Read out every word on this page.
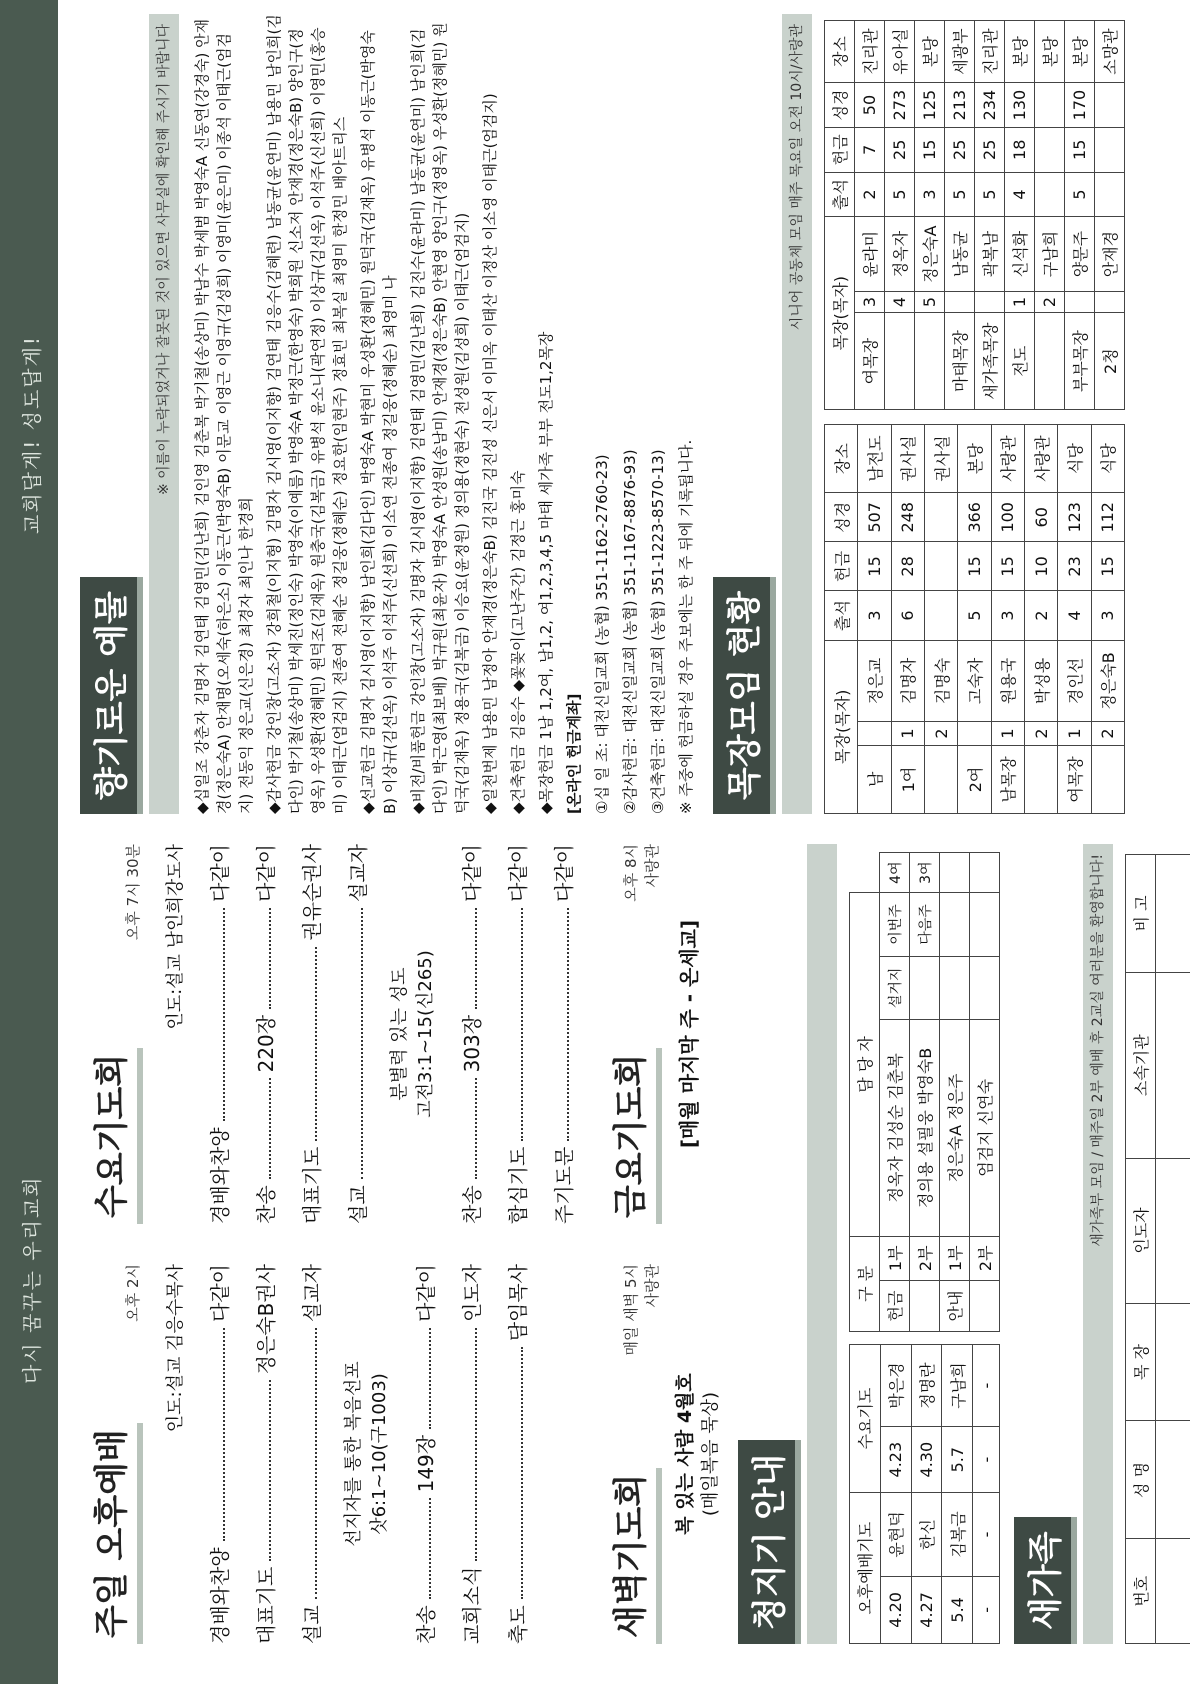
다시 꿈꾸는 우리교회
교회답게! 성도답게!
주일 오후예배
오후 2시 인도:설교 김응수목사
경배와찬양
다같이
대표기도
정은숙B권사
설교
설교자
선지자를 통한 복음선포 삿6:1~10(구1003)
찬송
149장
다같이
교회소식
인도자
축도
담임목사
수요기도회
오후 7시 30분 인도:설교 남인희강도사
경배와찬양
다같이
찬송
220장
다같이
대표기도
권유순권사
설교
설교자
분별력 있는 성도 고전3:1~15(신265)
찬송
303장
다같이
합심기도
다같이
주기도문
다같이
새벽기도회
매일 새벽 5시 사랑관
복 있는 사람 4월호 (매일복음 묵상)
금요기도회
오후 8시 사랑관
[매월 마지막 주 - 온세교]
청지기 안내	오후예배기도		수요기도	
4.20	윤현덕	4.23	박은경
4.27	한신	4.30	정명란
5.4	김복금	5.7	구남희
-	-	-	-
구 분		담 당 자			
헌금	1부	정옥자 김성순 김춘복	설거지	이번주	4여
	2부	정의용 설필웅 박영숙B		다음주	3여
안내	1부	정은숙A 정은주			
	2부	엄검지 신연숙			
새가족
새가족부 모임 / 매주일 2부 예배 후 2교실 여러분을 환영합니다!
번호	성 명	목 장	인도자	소속기관	비 고

향기로운 예물
※ 이름이 누락되었거나 잘못된 것이 있으면 사무실에 확인해 주시기 바랍니다 ◆십일조 강춘자 김명자 김연태 김영민(김난희) 김인영 김춘복 박기철(송상미) 박남수 박세범 박영숙A 신동연(강경숙) 안재경(정은숙A) 안재명(오세숙(하은소) 이동근(박영숙B) 이문교 이영근 이영규(김성희) 이영미(윤은미) 이종석 이태근(엄검지) 전동익 정은교(신은경) 최경자 최인나 한경희 ◆감사헌금 강인창(고소자) 강희철(이지형) 김명자 김시영(이지향) 김연태 김응수(김혜련) 남동균(윤연미) 남용민 남인희(김다인) 박기철(송상미) 박세진(정인숙) 박영숙(이예름) 박영숙A 박정근(한영숙) 박희원 신소저 안재경(정은숙B) 양인구(정영옥) 우성환(정혜민) 원덕조(김재옥) 원충국(김복금) 유병석 윤소니(곽연정) 이상규(김선옥) 이석주(신선희) 이영민(홍승미) 이태근(엄검지) 전종여 전혜순 정길웅(정혜순) 정요한(임현주) 정효빈 최복실 최영미 한정민 배아트리스 ◆선교헌금 김명자 김시영(이지향) 남인희(김다인) 박영숙A 박현미 우성환(정혜민) 원덕국(김재옥) 유병석 이동근(박영숙B) 이상규(김선옥) 이석주 이석주(신선희) 이소연 전종여 정길웅(정혜순) 최영미 나 ◆비전/비품헌금 강인창(고소자) 김명자 김시영(이지향) 김연태 김영민(김난희) 김진수(윤라미) 남동균(윤연미) 남인희(김다인) 박근영(최보배) 박규원(최윤자) 박영숙A 안성원(송남미) 안재경(정은숙B) 안현영 양인구(정영옥) 우성환(정혜민) 원덕국(김재옥) 정용국(김복금) 이승요(윤정원) 정의용(정현숙) 전성원(김성희) 이태근(엄검지) ◆일천번제 남용민 남정아 안재경(정은숙B) 김진국 김진성 신은서 이미옥 이태산 이정산 이소영 이태근(엄검지) ◆건축헌금 김응수 ◆꽃꽂이(고난주간) 김정근 홍미숙 ◆목장헌금 1남 1,2여, 남1,2, 여1,2,3,4,5 마태 세가족 부부 전도1,2목장 [온라인 헌금계좌] ①십 일 조: 대전신일교회 (농협) 351-1162-2760-23) ②감사헌금: 대전신일교회 (농협) 351-1167-8876-93) ③건축헌금: 대전신일교회 (농협) 351-1223-8570-13) ※ 주중에 헌금하실 경우 주보에는 한 주 뒤에 기록됩니다. 목장모임 현황
시니어 공동체 모임 매주 목요일 오전 10시/사랑관
목장(목자)			출석	헌금	성경	장소
남		정은교	3	15	507	남전도
1여	1	김명자	6	28	248	권사실
	2	김명숙				권사실
2여		고숙자	5	15	366	본당
남목장	1	원용국	3	15	100	사랑관
	2	박성용	2	10	60	사랑관
여목장	1	경인선	4	23	123	식당
	2	정은숙B	3	15	112	식당
목장(목자)			출석	헌금	성경	장소
여목장	3	윤라미	2	7	50	진리관
	4	정옥자	5	25	273	유아실
	5	정은숙A	3	15	125	본당
마태목장		남동균	5	25	213	세광부
새가족목장		곽복남	5	25	234	진리관
전도	1	신석화	4	18	130	본당
	2	구남희				본당
부부목장		양문주	5	15	170	본당
2청		안재경				소망관
